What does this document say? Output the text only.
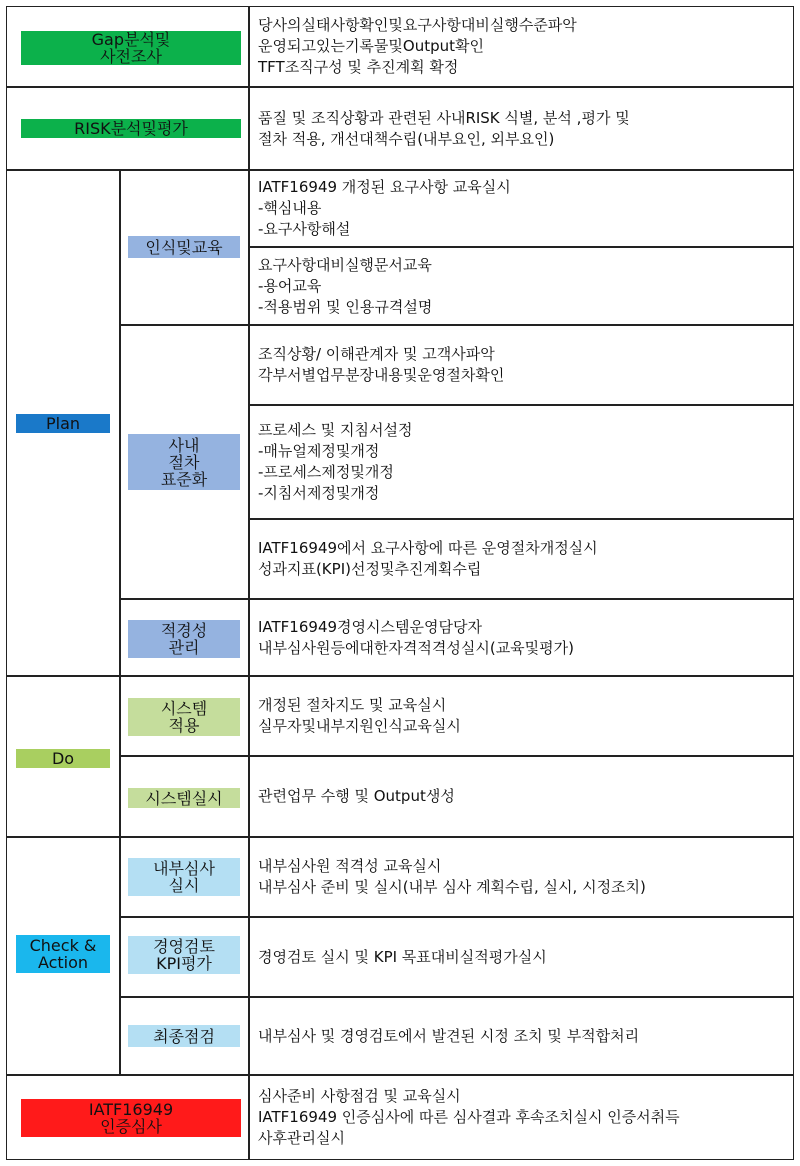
Gap분석및
사전조사
당사의실태사항확인및요구사항대비실행수준파악
운영되고있는기록물및Output확인
TFT조직구성 및 추진계획 확정
RISK분석및평가
품질 및 조직상황과 관련된 사내RISK 식별, 분석 ,평가 및
절차 적용, 개선대책수립(내부요인, 외부요인)
Plan
인식및교육
사내
절차
표준화
적경성
관리
IATF16949 개정된 요구사항 교육실시
-핵심내용
-요구사항해설
요구사항대비실행문서교육
-용어교육
-적용범위 및 인용규격설명
조직상황/ 이해관계자 및 고객사파악
각부서별업무분장내용및운영절차확인
프로세스 및 지침서설정
-매뉴얼제정및개정
-프로세스제정및개정
-지침서제정및개정
IATF16949에서 요구사항에 따른 운영절차개정실시
성과지표(KPI)선정및추진계획수립
IATF16949경영시스템운영담당자
내부심사원등에대한자격적격성실시(교육및평가)
Do
시스템
적용
시스템실시
개정된 절차지도 및 교육실시
실무자및내부지원인식교육실시
관련업무 수행 및 Output생성
Check &
Action
내부심사
실시
경영검토
KPI평가
최종점검
내부심사원 적격성 교육실시
내부심사 준비 및 실시(내부 심사 계획수립, 실시, 시정조치)
경영검토 실시 및 KPI 목표대비실적평가실시
내부심사 및 경영검토에서 발견된 시정 조치 및 부적합처리
IATF16949
인증심사
심사준비 사항점검 및 교육실시
IATF16949 인증심사에 따른 심사결과 후속조치실시 인증서취득
사후관리실시
